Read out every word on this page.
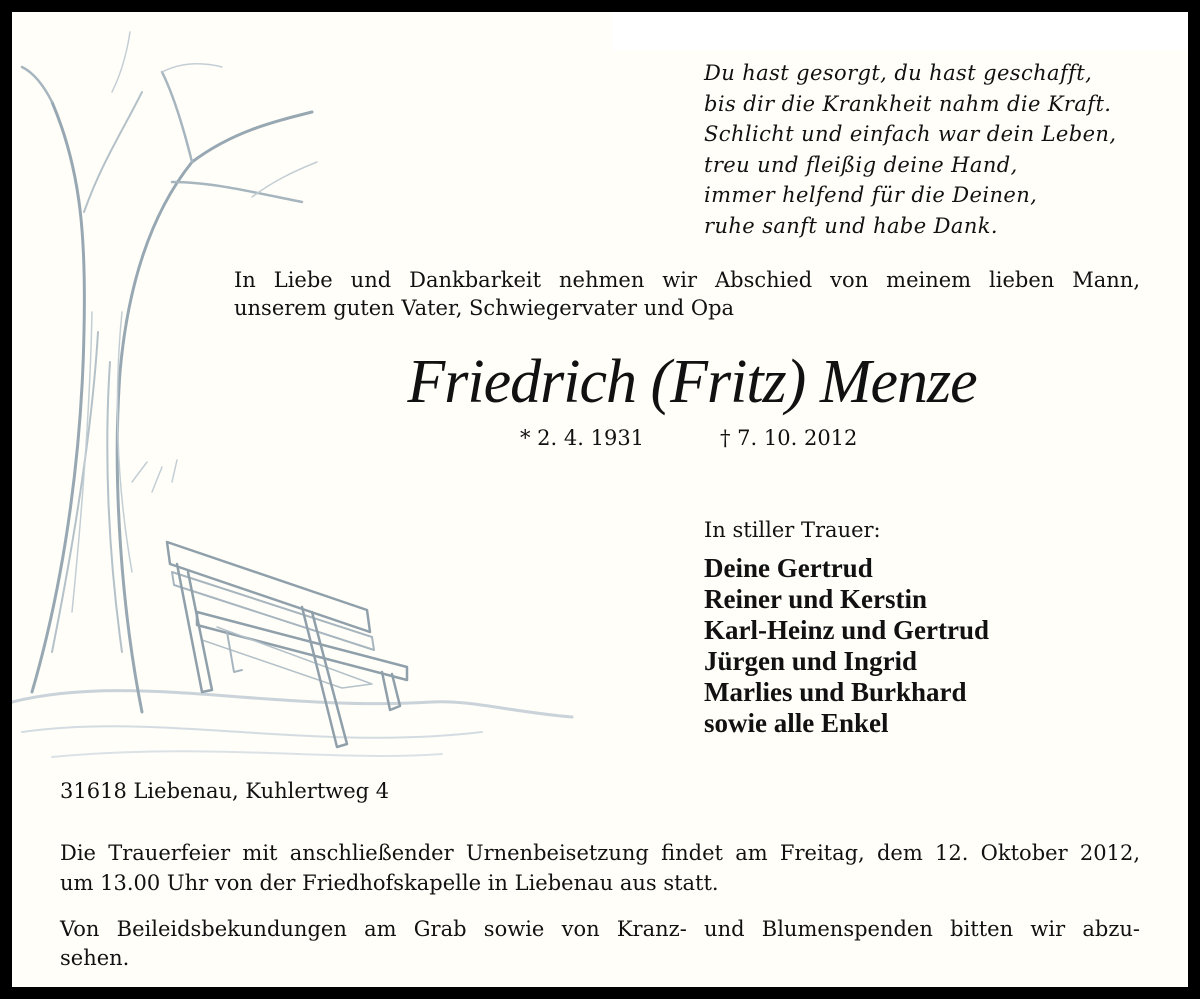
Du hast gesorgt, du hast geschafft,
bis dir die Krankheit nahm die Kraft.
Schlicht und einfach war dein Leben,
treu und fleißig deine Hand,
immer helfend für die Deinen,
ruhe sanft und habe Dank.
In Liebe und Dankbarkeit nehmen wir Abschied von meinem lieben Mann,
unserem guten Vater, Schwiegervater und Opa
Friedrich (Fritz) Menze
* 2. 4. 1931	† 7. 10. 2012
In stiller Trauer:
Deine Gertrud
Reiner und Kerstin
Karl-Heinz und Gertrud
Jürgen und Ingrid
Marlies und Burkhard
sowie alle Enkel
31618 Liebenau, Kuhlertweg 4
Die Trauerfeier mit anschließender Urnenbeisetzung findet am Freitag, dem 12. Oktober 2012,
um 13.00 Uhr von der Friedhofskapelle in Liebenau aus statt.
Von Beileidsbekundungen am Grab sowie von Kranz- und Blumenspenden bitten wir abzu-
sehen.
